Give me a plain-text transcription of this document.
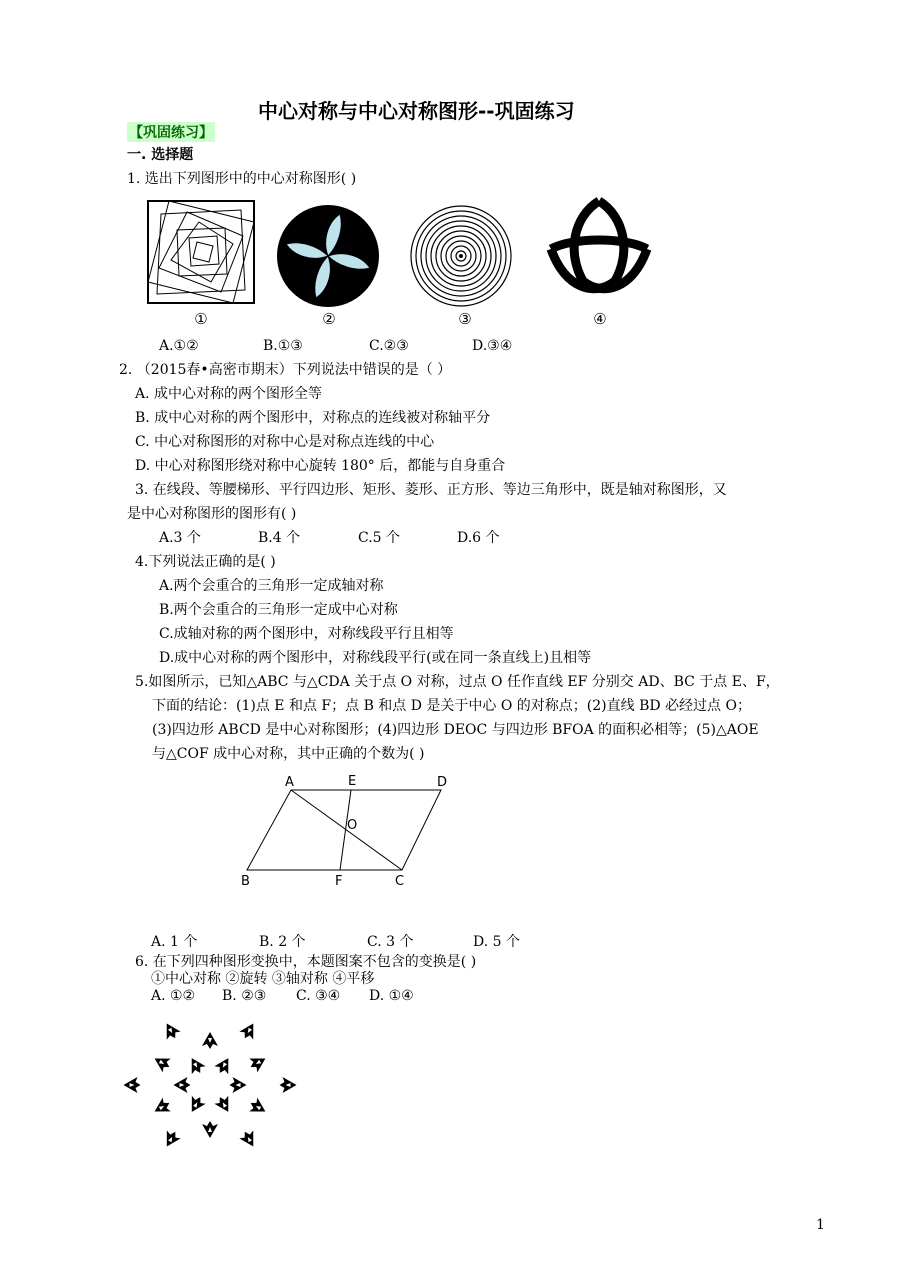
中心对称与中心对称图形--巩固练习
【巩固练习】
一. 选择题
1. 选出下列图形中的中心对称图形( )
①	②	③	④
A.①②	B.①③	C.②③	D.③④
2. （2015春•高密市期末）下列说法中错误的是（ ）
A. 成中心对称的两个图形全等
B. 成中心对称的两个图形中，对称点的连线被对称轴平分
C. 中心对称图形的对称中心是对称点连线的中心
D. 中心对称图形绕对称中心旋转 180° 后，都能与自身重合
3. 在线段、等腰梯形、平行四边形、矩形、菱形、正方形、等边三角形中，既是轴对称图形，又
是中心对称图形的图形有( )
A.3 个	B.4 个	C.5 个	D.6 个
4.下列说法正确的是( )
A.两个会重合的三角形一定成轴对称
B.两个会重合的三角形一定成中心对称
C.成轴对称的两个图形中，对称线段平行且相等
D.成中心对称的两个图形中，对称线段平行(或在同一条直线上)且相等
5.如图所示，已知△ABC 与△CDA 关于点 O 对称，过点 O 任作直线 EF 分别交 AD、BC 于点 E、F，
下面的结论：(1)点 E 和点 F；点 B 和点 D 是关于中心 O 的对称点；(2)直线 BD 必经过点 O；
(3)四边形 ABCD 是中心对称图形；(4)四边形 DEOC 与四边形 BFOA 的面积必相等；(5)△AOE
与△COF 成中心对称，其中正确的个数为( )
A	E	D
O
B	F	C
A. 1 个	B. 2 个	C. 3 个	D. 5 个
6. 在下列四种图形变换中，本题图案不包含的变换是( )
①中心对称 ②旋转 ③轴对称 ④平移
A. ①② B. ②③ C. ③④ D. ①④
1
